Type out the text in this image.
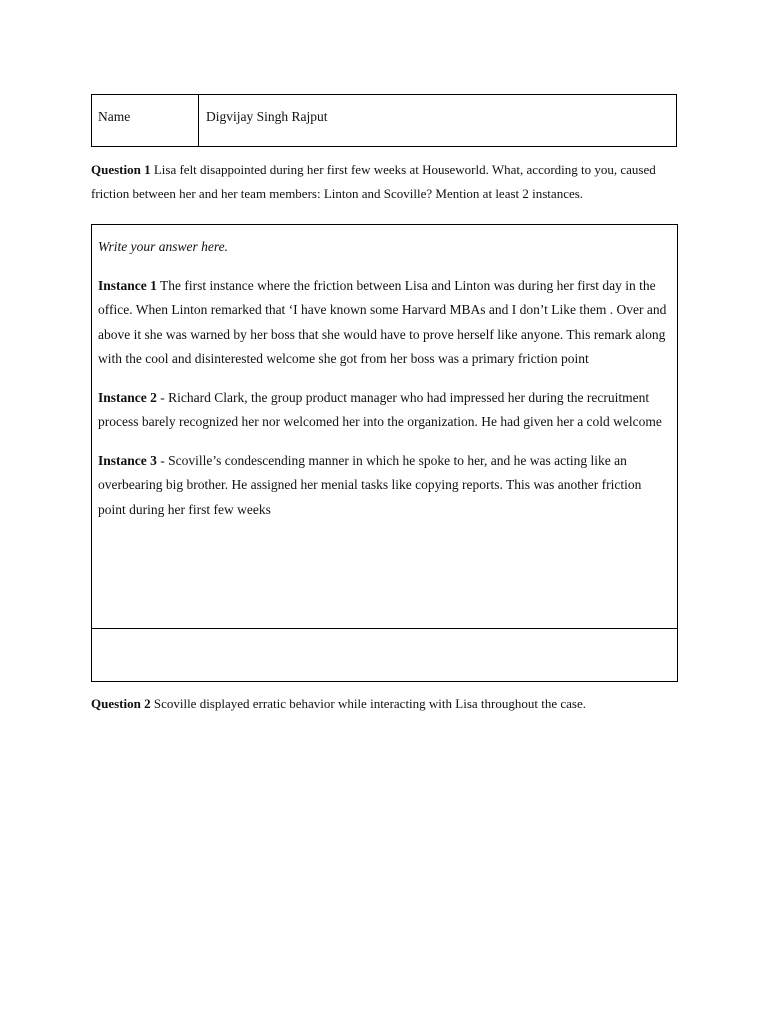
Name	Digvijay Singh Rajput
Question 1 Lisa felt disappointed during her first few weeks at Houseworld. What, according to you, caused friction between her and her team members: Linton and Scoville? Mention at least 2 instances.

Write your answer here.

Instance 1 The first instance where the friction between Lisa and Linton was during her first day in the office. When Linton remarked that ‘I have known some Harvard MBAs and I don’t Like them . Over and above it she was warned by her boss that she would have to prove herself like anyone. This remark along with the cool and disinterested welcome she got from her boss was a primary friction point

Instance 2 - Richard Clark, the group product manager who had impressed her during the recruitment process barely recognized her nor welcomed her into the organization. He had given her a cold welcome

Instance 3 - Scoville’s condescending manner in which he spoke to her, and he was acting like an overbearing big brother. He assigned her menial tasks like copying reports. This was another friction point during her first few weeks

Question 2 Scoville displayed erratic behavior while interacting with Lisa throughout the case.
